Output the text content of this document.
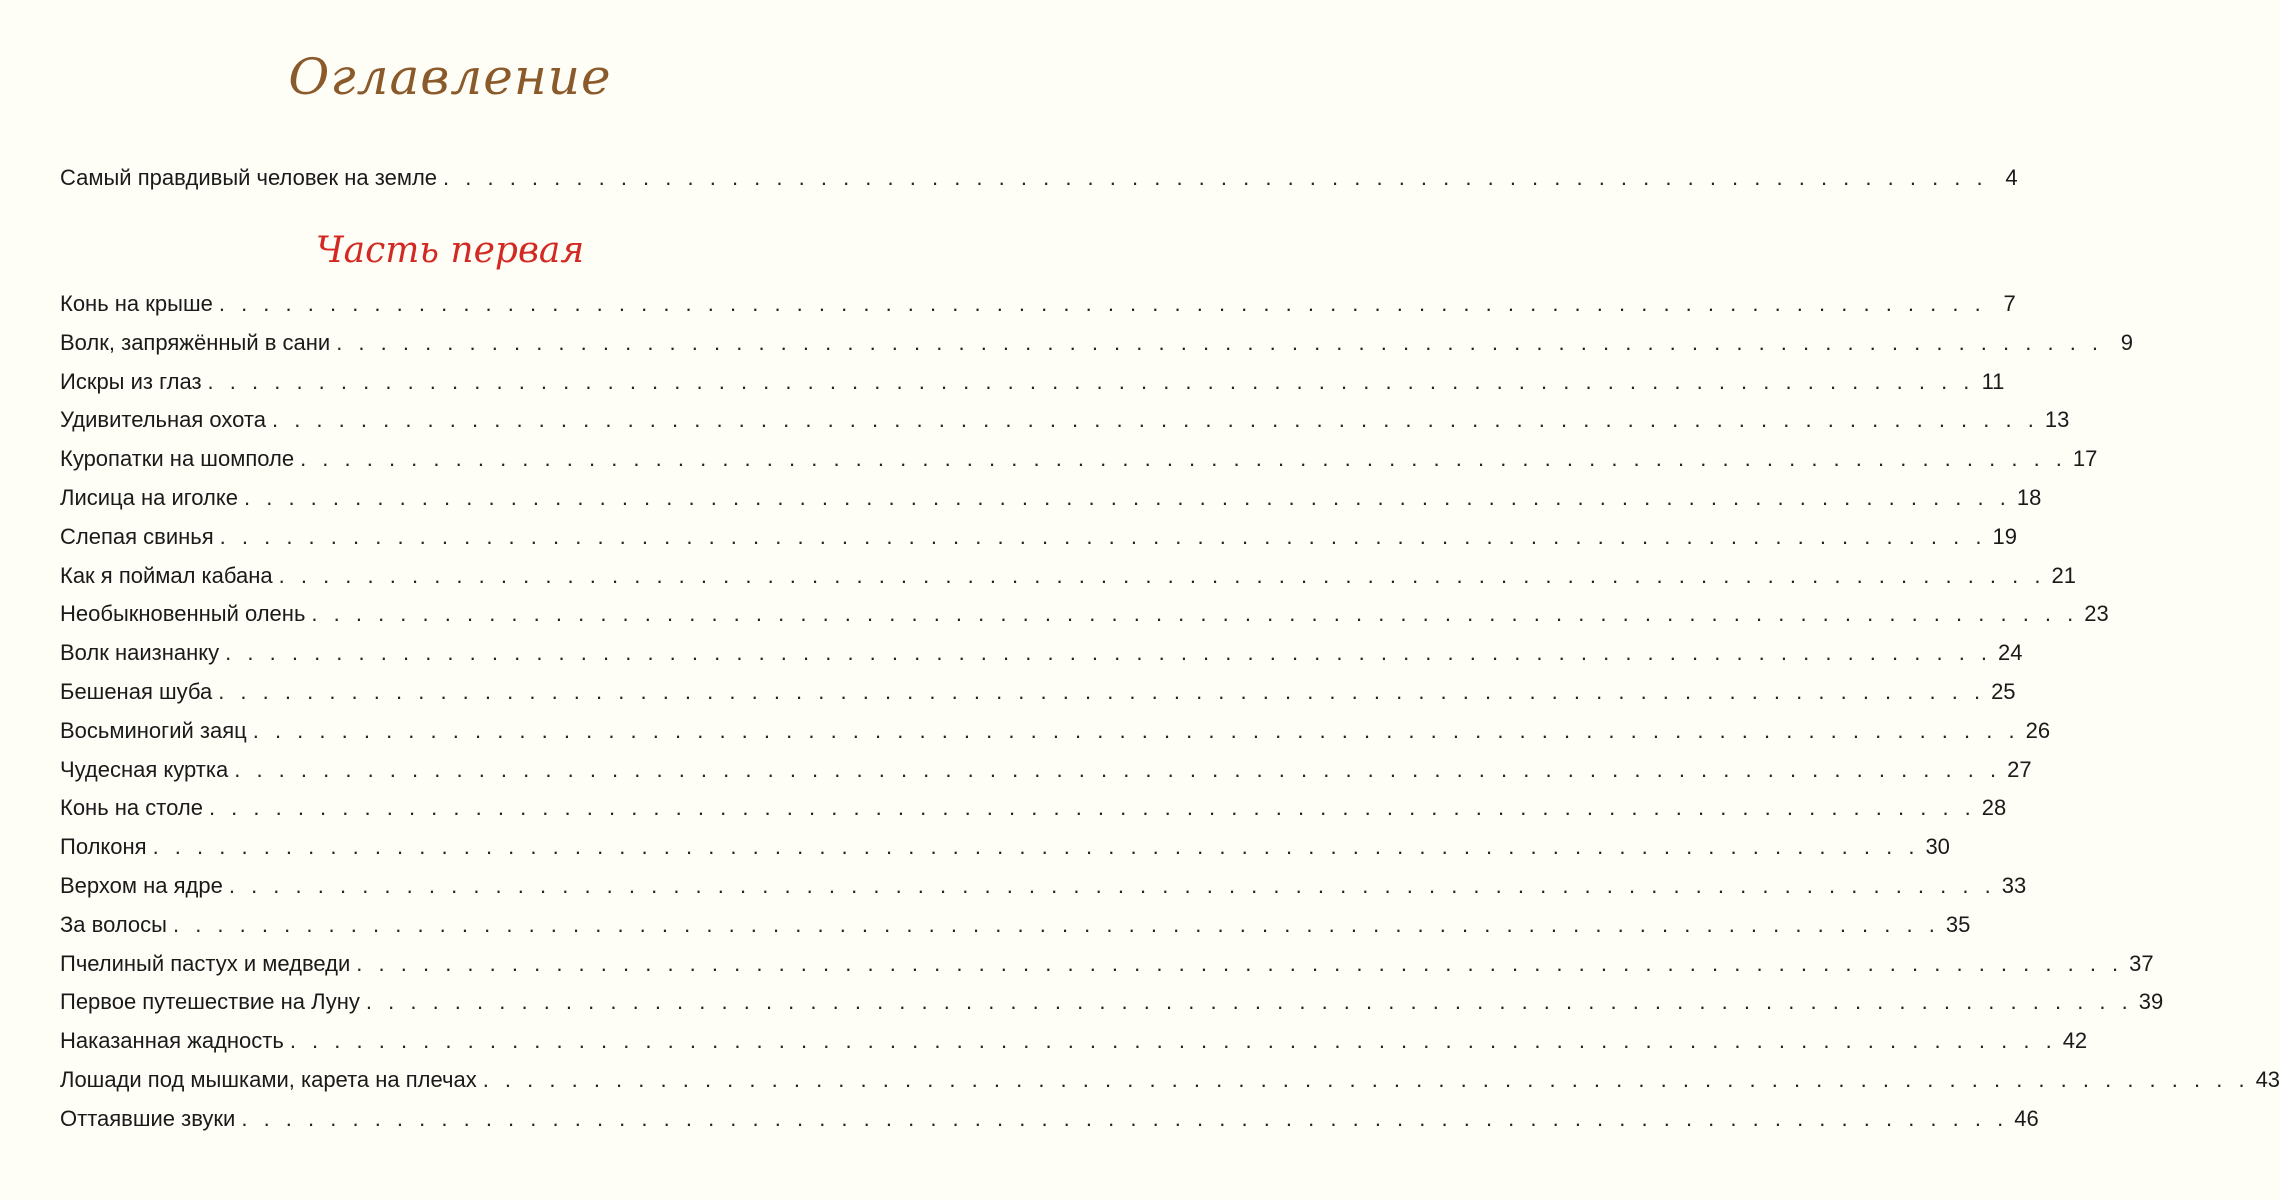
Оглавление
Самый правдивый человек на земле . . . . . . . . . . . . . . . . . . . . . . . . . . . . . . . . . . . . . . . . . . . . . . . . . . . . . . . . . . . . . . . . . . . . . . 4
Часть первая
Конь на крыше . . . . . . . . . . . . . . . . . . . . . . . . . . . . . . . . . . . . . . . . . . . . . . . . . . . . . . . . . . . . . . . . . . . . . . . . . . . . . . . . 7
Волк, запряжённый в сани . . . . . . . . . . . . . . . . . . . . . . . . . . . . . . . . . . . . . . . . . . . . . . . . . . . . . . . . . . . . . . . . . . . . . . . . . . . . . . . . 9
Искры из глаз . . . . . . . . . . . . . . . . . . . . . . . . . . . . . . . . . . . . . . . . . . . . . . . . . . . . . . . . . . . . . . . . . . . . . . . . . . . . . . . . 11
Удивительная охота . . . . . . . . . . . . . . . . . . . . . . . . . . . . . . . . . . . . . . . . . . . . . . . . . . . . . . . . . . . . . . . . . . . . . . . . . . . . . . . . 13
Куропатки на шомполе . . . . . . . . . . . . . . . . . . . . . . . . . . . . . . . . . . . . . . . . . . . . . . . . . . . . . . . . . . . . . . . . . . . . . . . . . . . . . . . . 17
Лисица на иголке . . . . . . . . . . . . . . . . . . . . . . . . . . . . . . . . . . . . . . . . . . . . . . . . . . . . . . . . . . . . . . . . . . . . . . . . . . . . . . . . 18
Слепая свинья . . . . . . . . . . . . . . . . . . . . . . . . . . . . . . . . . . . . . . . . . . . . . . . . . . . . . . . . . . . . . . . . . . . . . . . . . . . . . . . . 19
Как я поймал кабана . . . . . . . . . . . . . . . . . . . . . . . . . . . . . . . . . . . . . . . . . . . . . . . . . . . . . . . . . . . . . . . . . . . . . . . . . . . . . . . . 21
Необыкновенный олень . . . . . . . . . . . . . . . . . . . . . . . . . . . . . . . . . . . . . . . . . . . . . . . . . . . . . . . . . . . . . . . . . . . . . . . . . . . . . . . . 23
Волк наизнанку . . . . . . . . . . . . . . . . . . . . . . . . . . . . . . . . . . . . . . . . . . . . . . . . . . . . . . . . . . . . . . . . . . . . . . . . . . . . . . . . 24
Бешеная шуба . . . . . . . . . . . . . . . . . . . . . . . . . . . . . . . . . . . . . . . . . . . . . . . . . . . . . . . . . . . . . . . . . . . . . . . . . . . . . . . . 25
Восьминогий заяц . . . . . . . . . . . . . . . . . . . . . . . . . . . . . . . . . . . . . . . . . . . . . . . . . . . . . . . . . . . . . . . . . . . . . . . . . . . . . . . . 26
Чудесная куртка . . . . . . . . . . . . . . . . . . . . . . . . . . . . . . . . . . . . . . . . . . . . . . . . . . . . . . . . . . . . . . . . . . . . . . . . . . . . . . . . 27
Конь на столе . . . . . . . . . . . . . . . . . . . . . . . . . . . . . . . . . . . . . . . . . . . . . . . . . . . . . . . . . . . . . . . . . . . . . . . . . . . . . . . . 28
Полконя . . . . . . . . . . . . . . . . . . . . . . . . . . . . . . . . . . . . . . . . . . . . . . . . . . . . . . . . . . . . . . . . . . . . . . . . . . . . . . . . 30
Верхом на ядре . . . . . . . . . . . . . . . . . . . . . . . . . . . . . . . . . . . . . . . . . . . . . . . . . . . . . . . . . . . . . . . . . . . . . . . . . . . . . . . . 33
За волосы . . . . . . . . . . . . . . . . . . . . . . . . . . . . . . . . . . . . . . . . . . . . . . . . . . . . . . . . . . . . . . . . . . . . . . . . . . . . . . . . 35
Пчелиный пастух и медведи . . . . . . . . . . . . . . . . . . . . . . . . . . . . . . . . . . . . . . . . . . . . . . . . . . . . . . . . . . . . . . . . . . . . . . . . . . . . . . . . 37
Первое путешествие на Луну . . . . . . . . . . . . . . . . . . . . . . . . . . . . . . . . . . . . . . . . . . . . . . . . . . . . . . . . . . . . . . . . . . . . . . . . . . . . . . . . 39
Наказанная жадность . . . . . . . . . . . . . . . . . . . . . . . . . . . . . . . . . . . . . . . . . . . . . . . . . . . . . . . . . . . . . . . . . . . . . . . . . . . . . . . . 42
Лошади под мышками, карета на плечах . . . . . . . . . . . . . . . . . . . . . . . . . . . . . . . . . . . . . . . . . . . . . . . . . . . . . . . . . . . . . . . . . . . . . . . . . . . . . . . . 43
Оттаявшие звуки . . . . . . . . . . . . . . . . . . . . . . . . . . . . . . . . . . . . . . . . . . . . . . . . . . . . . . . . . . . . . . . . . . . . . . . . . . . . . . . . 46
